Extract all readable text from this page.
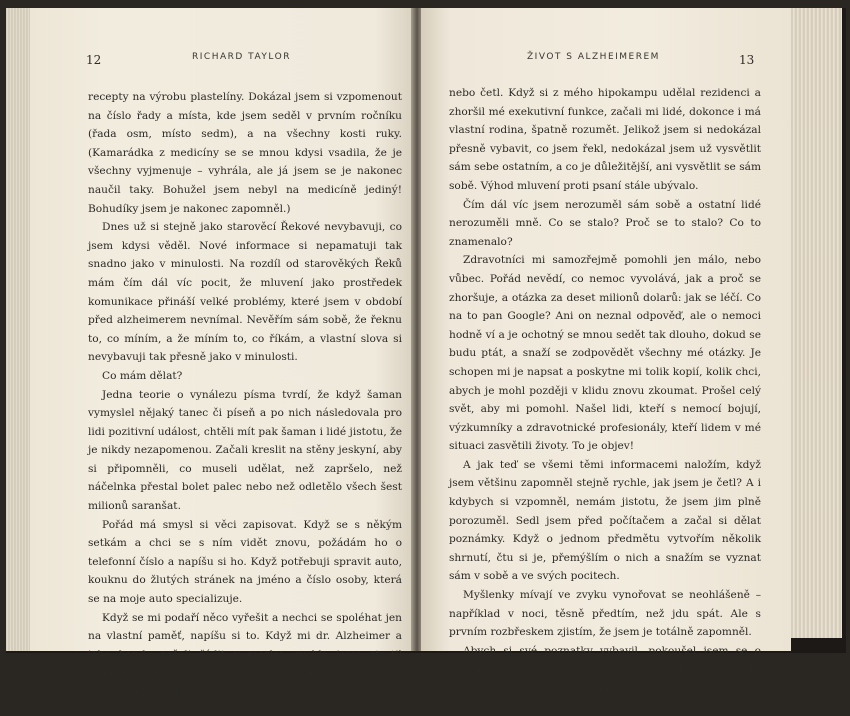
12	RICHARD TAYLOR

recepty na výrobu plastelíny. Dokázal jsem si vzpomenout na číslo řady a místa, kde jsem seděl v prvním ročníku (řada osm, místo sedm), a na všechny kosti ruky. (Kamarádka z medicíny se se mnou kdysi vsadila, že je všechny vyjmenuje – vyhrála, ale já jsem se je nakonec naučil taky. Bohužel jsem nebyl na medicíně jediný! Bohudíky jsem je nakonec zapomněl.)

Dnes už si stejně jako starověcí Řekové nevybavuji, co jsem kdysi věděl. Nové informace si nepamatuji tak snadno jako v minulosti. Na rozdíl od starověkých Řeků mám čím dál víc pocit, že mluvení jako prostředek komunikace přináší velké problémy, které jsem v období před alzheimerem nevnímal. Nevěřím sám sobě, že řeknu to, co míním, a že míním to, co říkám, a vlastní slova si nevybavuji tak přesně jako v minulosti.

Co mám dělat?

Jedna teorie o vynálezu písma tvrdí, že když šaman vymyslel nějaký tanec či píseň a po nich následovala pro lidi pozitivní událost, chtěli mít pak šaman i lidé jistotu, že je nikdy nezapomenou. Začali kreslit na stěny jeskyní, aby si připomněli, co museli udělat, než zapršelo, než náčelnka přestal bolet palec nebo než odletělo všech šest milionů saranšat.

Pořád má smysl si věci zapisovat. Když se s někým setkám a chci se s ním vidět znovu, požádám ho o telefonní číslo a napíšu si ho. Když potřebuji spravit auto, kouknu do žlutých stránek na jméno a číslo osoby, která se na moje auto specializuje.

Když se mi podaří něco vyřešit a nechci se spoléhat jen na vlastní paměť, napíšu si to. Když mi dr. Alzheimer a jeho banda začali řádit v mozku, rychle jsem ztratil schopnost snadno si zapamatovat a vstřebat informace, které jsem slyšel

ŽIVOT S ALZHEIMEREM	13

nebo četl. Když si z mého hipokampu udělal rezidenci a zhoršil mé exekutivní funkce, začali mi lidé, dokonce i má vlastní rodina, špatně rozumět. Jelikož jsem si nedokázal přesně vybavit, co jsem řekl, nedokázal jsem už vysvětlit sám sebe ostatním, a co je důležitější, ani vysvětlit se sám sobě. Výhod mluvení proti psaní stále ubývalo.

Čím dál víc jsem nerozuměl sám sobě a ostatní lidé nerozuměli mně. Co se stalo? Proč se to stalo? Co to znamenalo?

Zdravotníci mi samozřejmě pomohli jen málo, nebo vůbec. Pořád nevědí, co nemoc vyvolává, jak a proč se zhoršuje, a otázka za deset milionů dolarů: jak se léčí. Co na to pan Google? Ani on neznal odpověď, ale o nemoci hodně ví a je ochotný se mnou sedět tak dlouho, dokud se budu ptát, a snaží se zodpovědět všechny mé otázky. Je schopen mi je napsat a poskytne mi tolik kopií, kolik chci, abych je mohl později v klidu znovu zkoumat. Prošel celý svět, aby mi pomohl. Našel lidi, kteří s nemocí bojují, výzkumníky a zdravotnické profesionály, kteří lidem v mé situaci zasvětili životy. To je objev!

A jak teď se všemi těmi informacemi naložím, když jsem většinu zapomněl stejně rychle, jak jsem je četl? A i kdybych si vzpomněl, nemám jistotu, že jsem jim plně porozuměl. Sedl jsem před počítačem a začal si dělat poznámky. Když o jednom předmětu vytvořím několik shrnutí, čtu si je, přemýšlím o nich a snažím se vyznat sám v sobě a ve svých pocitech.

Myšlenky mívají ve zvyku vynořovat se neohlášeně – například v noci, těsně předtím, než jdu spát. Ale s prvním rozbřeskem zjistím, že jsem je totálně zapomněl.

Abych si své poznatky vybavil, pokoušel jsem se o vlastní verzi těsnopisu. Buď jsem však text nepřečetl, protože se můj rukopis změnil natolik, že ho nepřečtu ani já, nebo mi slova
